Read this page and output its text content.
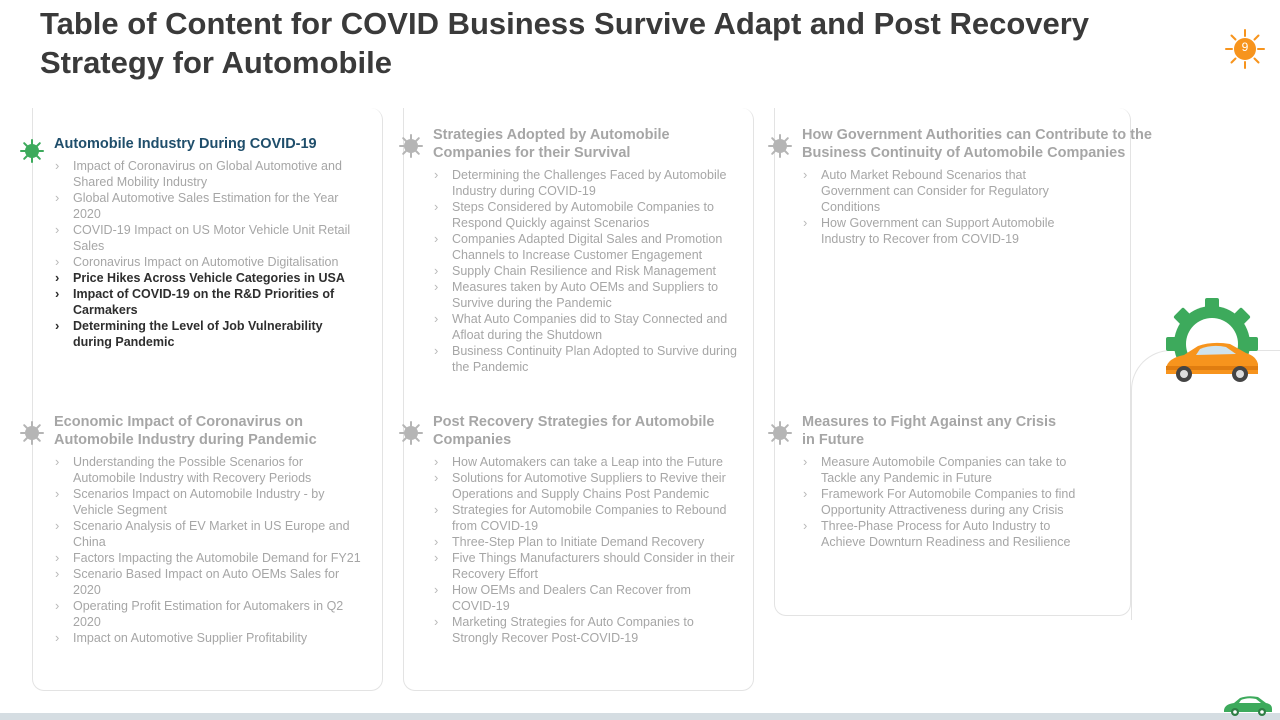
Table of Content for COVID Business Survive Adapt and Post Recovery Strategy for Automobile	9
Automobile Industry During COVID-19
› Impact of Coronavirus on Global Automotive and Shared Mobility Industry
› Global Automotive Sales Estimation for the Year 2020
› COVID-19 Impact on US Motor Vehicle Unit Retail Sales
› Coronavirus Impact on Automotive Digitalisation
› Price Hikes Across Vehicle Categories in USA
› Impact of COVID-19 on the R&D Priorities of Carmakers
› Determining the Level of Job Vulnerability during Pandemic
Strategies Adopted by Automobile Companies for their Survival
› Determining the Challenges Faced by Automobile Industry during COVID-19
› Steps Considered by Automobile Companies to Respond Quickly against Scenarios
› Companies Adapted Digital Sales and Promotion Channels to Increase Customer Engagement
› Supply Chain Resilience and Risk Management
› Measures taken by Auto OEMs and Suppliers to Survive during the Pandemic
› What Auto Companies did to Stay Connected and Afloat during the Shutdown
› Business Continuity Plan Adopted to Survive during the Pandemic
How Government Authorities can Contribute to the Business Continuity of Automobile Companies
› Auto Market Rebound Scenarios that Government can Consider for Regulatory Conditions
› How Government can Support Automobile Industry to Recover from COVID-19
Economic Impact of Coronavirus on Automobile Industry during Pandemic
› Understanding the Possible Scenarios for Automobile Industry with Recovery Periods
› Scenarios Impact on Automobile Industry - by Vehicle Segment
› Scenario Analysis of EV Market in US Europe and China
› Factors Impacting the Automobile Demand for FY21
› Scenario Based Impact on Auto OEMs Sales for 2020
› Operating Profit Estimation for Automakers in Q2 2020
› Impact on Automotive Supplier Profitability
Post Recovery Strategies for Automobile Companies
› How Automakers can take a Leap into the Future
› Solutions for Automotive Suppliers to Revive their Operations and Supply Chains Post Pandemic
› Strategies for Automobile Companies to Rebound from COVID-19
› Three-Step Plan to Initiate Demand Recovery
› Five Things Manufacturers should Consider in their Recovery Effort
› How OEMs and Dealers Can Recover from COVID-19
› Marketing Strategies for Auto Companies to Strongly Recover Post-COVID-19
Measures to Fight Against any Crisis in Future
› Measure Automobile Companies can take to Tackle any Pandemic in Future
› Framework For Automobile Companies to find Opportunity Attractiveness during any Crisis
› Three-Phase Process for Auto Industry to Achieve Downturn Readiness and Resilience
